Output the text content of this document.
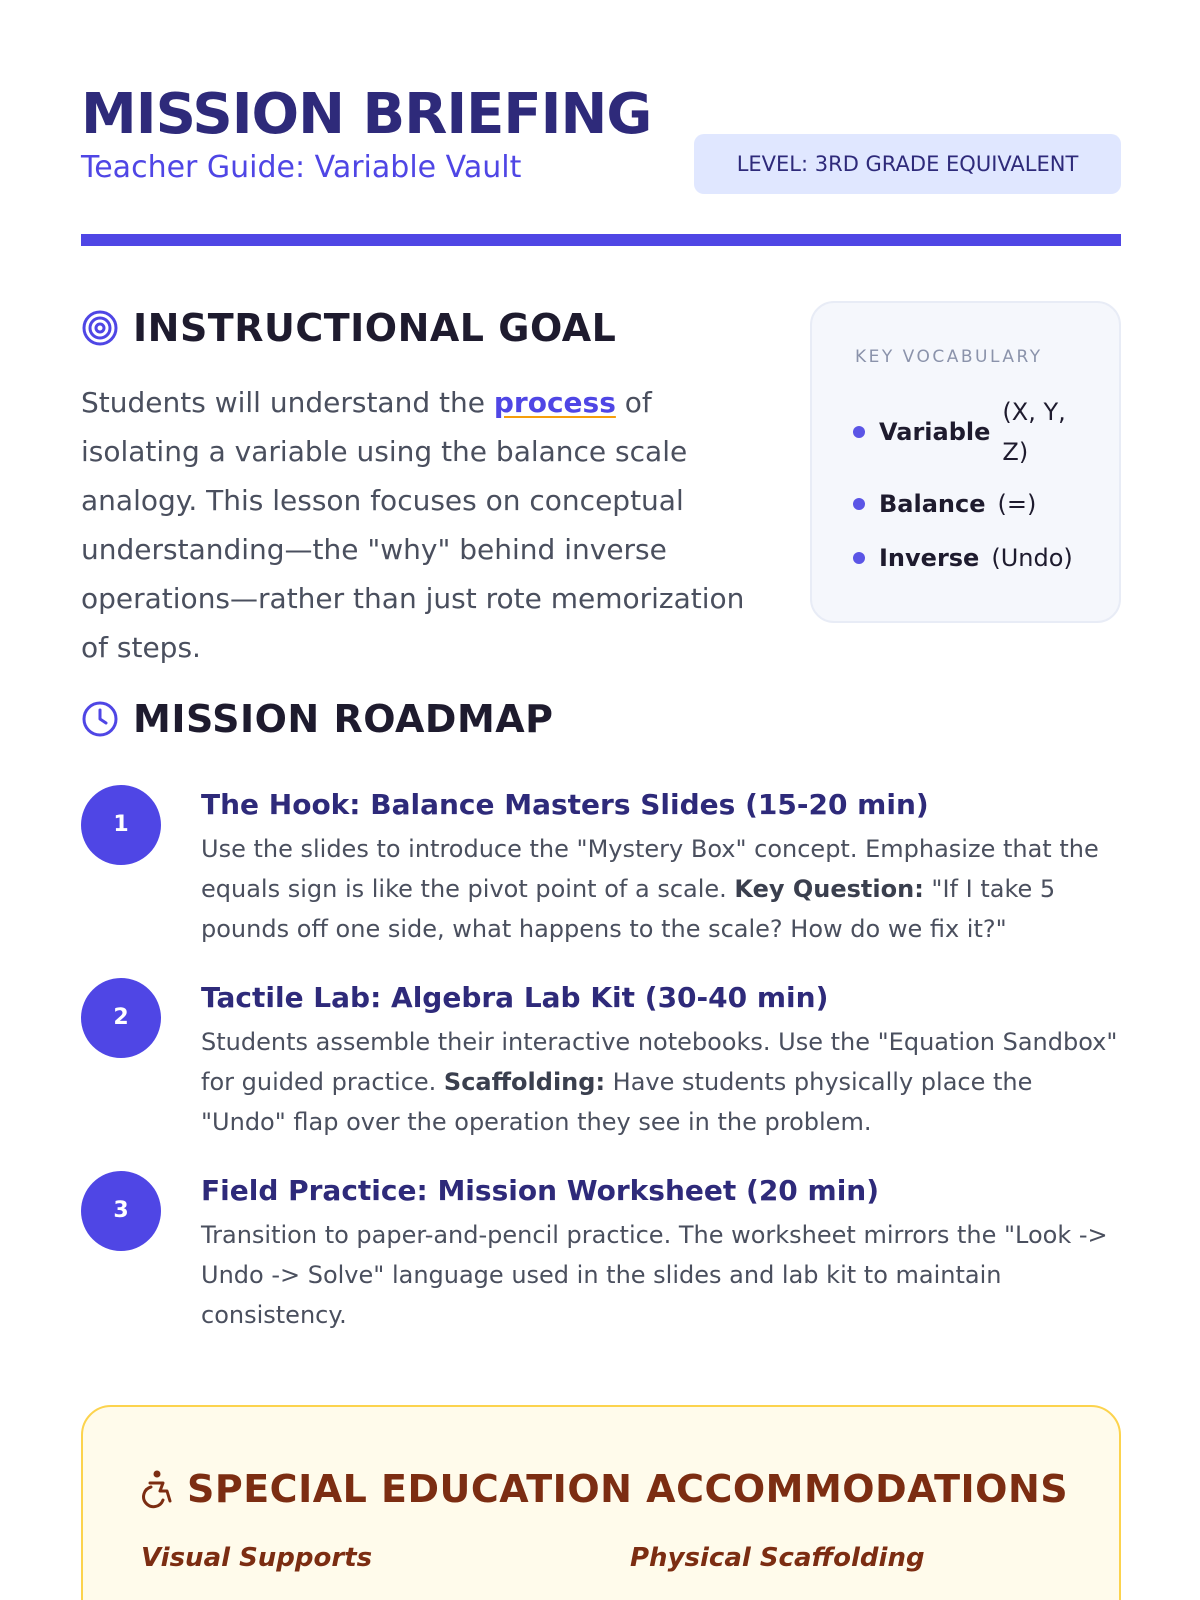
MISSION BRIEFING
Teacher Guide: Variable Vault	LEVEL: 3RD GRADE EQUIVALENT
INSTRUCTIONAL GOAL

Students will understand the process of isolating a variable using the balance scale analogy. This lesson focuses on conceptual understanding—the "why" behind inverse operations—rather than just rote memorization of steps.

KEY VOCABULARY
Variable
(X, Y, Z)
Balance (=)
Inverse (Undo)
MISSION ROADMAP
1
The Hook: Balance Masters Slides (15-20 min)

Use the slides to introduce the "Mystery Box" concept. Emphasize that the equals sign is like the pivot point of a scale. Key Question: "If I take 5 pounds off one side, what happens to the scale? How do we fix it?"

2
Tactile Lab: Algebra Lab Kit (30-40 min)

Students assemble their interactive notebooks. Use the "Equation Sandbox" for guided practice. Scaffolding: Have students physically place the "Undo" flap over the operation they see in the problem.

3
Field Practice: Mission Worksheet (20 min)

Transition to paper-and-pencil practice. The worksheet mirrors the "Look -> Undo -> Solve" language used in the slides and lab kit to maintain consistency.

SPECIAL EDUCATION ACCOMMODATIONS
Visual Supports	Physical Scaffolding
